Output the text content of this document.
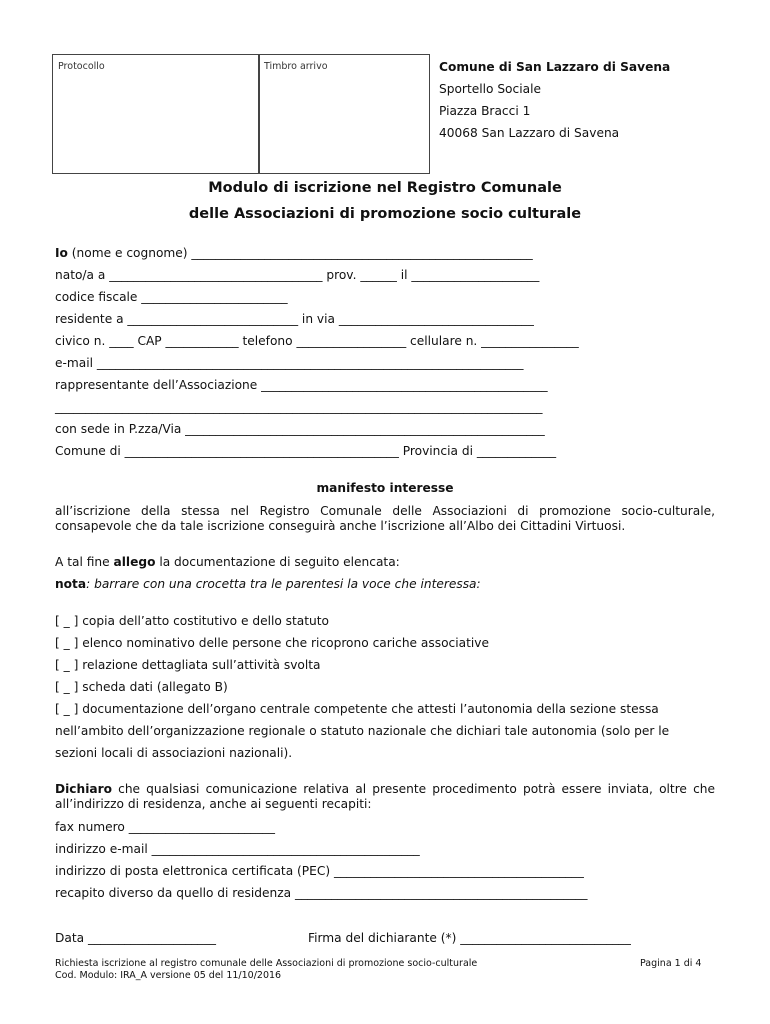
Protocollo	Timbro arrivo	Comune di San Lazzaro di Savena
Sportello Sociale
Piazza Bracci 1
40068 San Lazzaro di Savena
Modulo di iscrizione nel Registro Comunale
delle Associazioni di promozione socio culturale
Io (nome e cognome) ________________________________________________________
nato/a a ___________________________________ prov. ______ il _____________________
codice fiscale ________________________
residente a ____________________________ in via ________________________________
civico n. ____ CAP ____________ telefono __________________ cellulare n. ________________
e-mail ______________________________________________________________________
rappresentante dell’Associazione _______________________________________________
________________________________________________________________________________
con sede in P.zza/Via ___________________________________________________________
Comune di _____________________________________________ Provincia di _____________
manifesto interesse
all’iscrizione della stessa nel Registro Comunale delle Associazioni di promozione socio-culturale, consapevole che da tale iscrizione conseguirà anche l’iscrizione all’Albo dei Cittadini Virtuosi.
A tal fine allego la documentazione di seguito elencata:
nota: barrare con una crocetta tra le parentesi la voce che interessa:
[ _ ] copia dell’atto costitutivo e dello statuto
[ _ ] elenco nominativo delle persone che ricoprono cariche associative
[ _ ] relazione dettagliata sull’attività svolta
[ _ ] scheda dati (allegato B)
[ _ ] documentazione dell’organo centrale competente che attesti l’autonomia della sezione stessa
nell’ambito dell’organizzazione regionale o statuto nazionale che dichiari tale autonomia (solo per le
sezioni locali di associazioni nazionali).
Dichiaro che qualsiasi comunicazione relativa al presente procedimento potrà essere inviata, oltre che all’indirizzo di residenza, anche ai seguenti recapiti:
fax numero ________________________
indirizzo e-mail ____________________________________________
indirizzo di posta elettronica certificata (PEC) _________________________________________
recapito diverso da quello di residenza ________________________________________________
Data _____________________	Firma del dichiarante (*) ____________________________
Richiesta iscrizione al registro comunale delle Associazioni di promozione socio-culturale
Cod. Modulo: IRA_A versione 05 del 11/10/2016
Pagina 1 di 4
